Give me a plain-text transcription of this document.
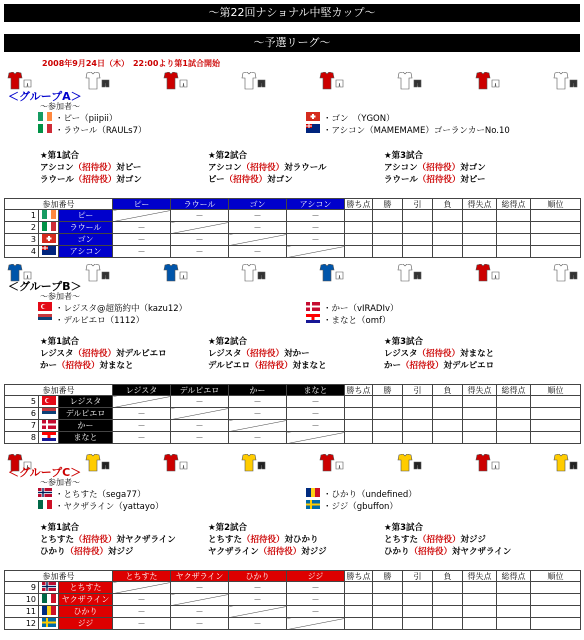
～第22回ナショナル中堅カップ～
～予選リーグ～
2008年9月24日（木）　22:00より第1試合開始
＜グループA＞
～参加者～
・ピー（piipii）
・ラウール（RAULs7）
・ゴン　（YGON）
・アシコン（MAMEMAME）ゴーランカーNo.10
★第1試合
アシコン（招待役）対ピー
ラウール（招待役）対ゴン
★第2試合
アシコン（招待役）対ラウール
ピー（招待役）対ゴン
★第3試合
アシコン（招待役）対ゴン
ラウール（招待役）対ピー
参加番号			ピー	ラウール	ゴン	アシコン	勝ち点	勝	引	負	得失点	総得点	順位
1		ピー		－	－	－							
2		ラウール	－		－	－							
3		ゴン	－	－		－							
4		アシコン	－	－	－								
＜グループB＞
～参加者～
・レジスタ@超筋約中（kazu12）
・デルピエロ（1112）
・かー（vIRADIv）
・まなと（omf）
★第1試合
レジスタ（招待役）対デルピエロ
かー（招待役）対まなと
★第2試合
レジスタ（招待役）対かー
デルピエロ（招待役）対まなと
★第3試合
レジスタ（招待役）対まなと
かー（招待役）対デルピエロ
参加番号			レジスタ	デルピエロ	かー	まなと	勝ち点	勝	引	負	得失点	総得点	順位
5		レジスタ		－	－	－							
6		デルピエロ	－		－	－							
7		かー	－	－		－							
8		まなと	－	－	－								
＜グループC＞
～参加者～
・とちすた（sega77）
・ヤクザライン（yattayo）
・ひかり（undefined）
・ジジ（gbuffon）
★第1試合
とちすた（招待役）対ヤクザライン
ひかり（招待役）対ジジ
★第2試合
とちすた（招待役）対ひかり
ヤクザライン（招待役）対ジジ
★第3試合
とちすた（招待役）対ジジ
ひかり（招待役）対ヤクザライン
参加番号			とちすた	ヤクザライン	ひかり	ジジ	勝ち点	勝	引	負	得失点	総得点	順位
9		とちすた		－	－	－							
10		ヤクザライン	－		－	－							
11		ひかり	－	－		－							
12		ジジ	－	－	－								
